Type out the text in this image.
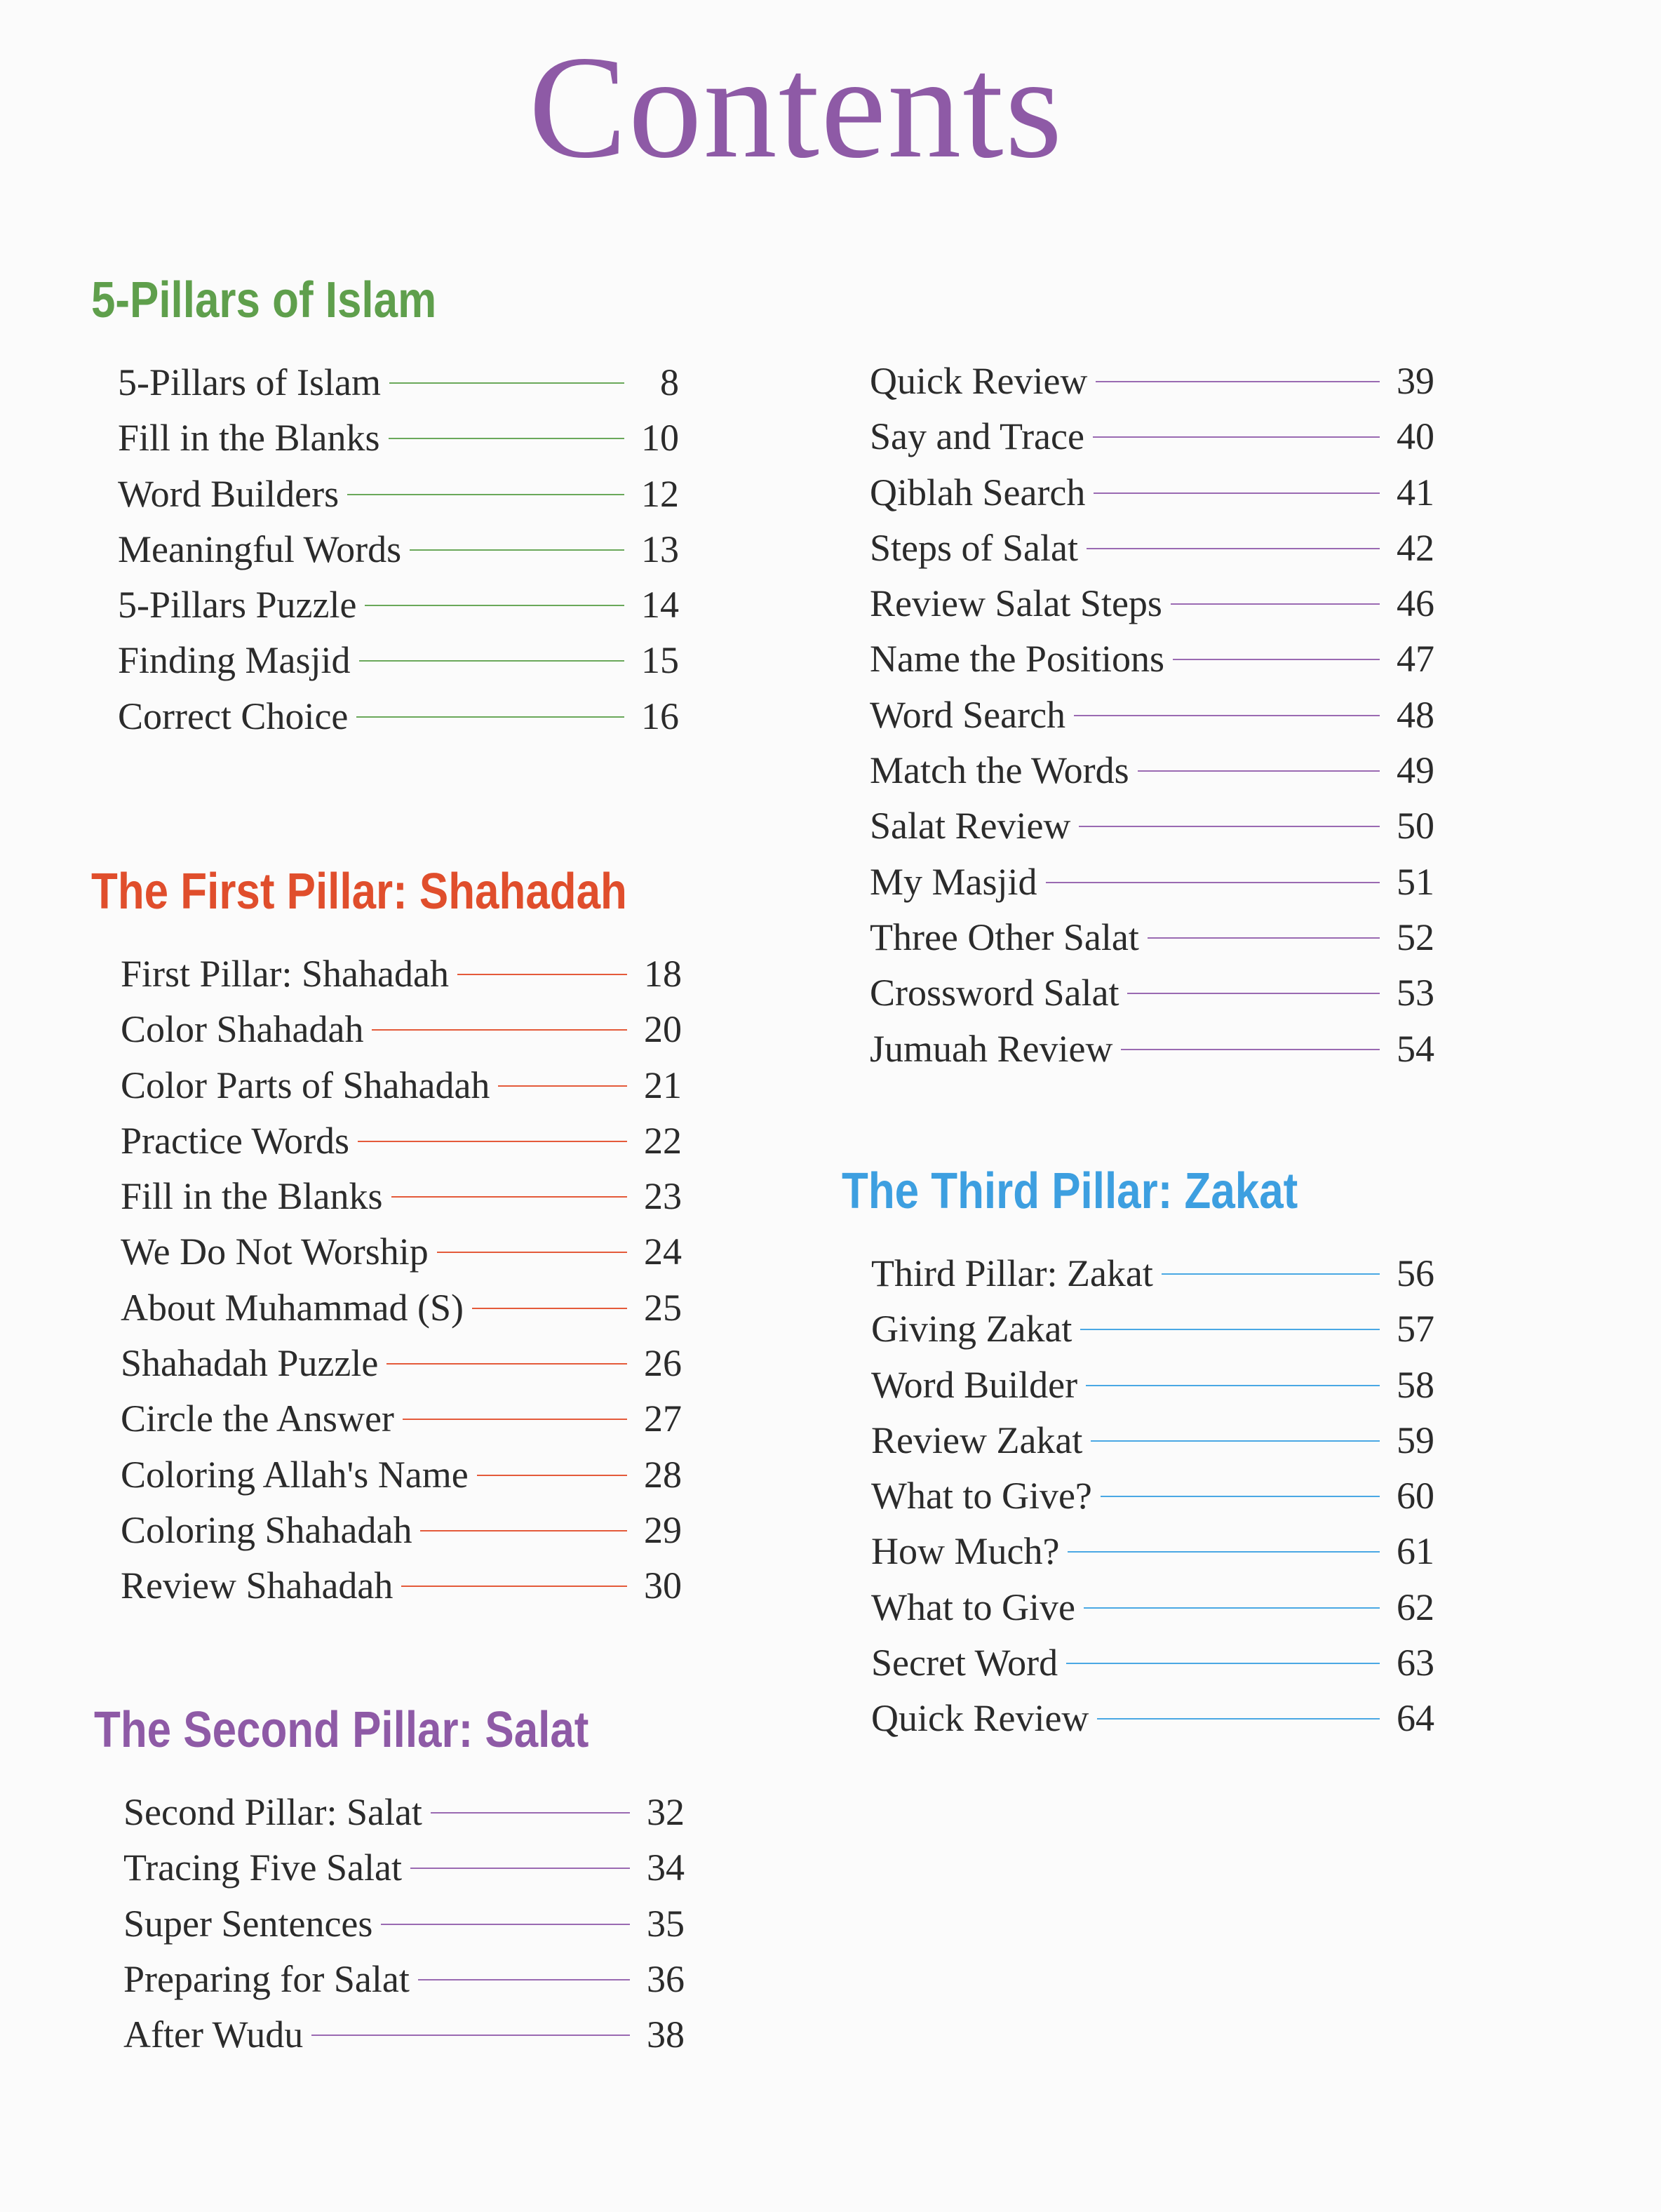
Contents
5-Pillars of Islam
5-Pillars of Islam	8
Fill in the Blanks	10
Word Builders	12
Meaningful Words	13
5-Pillars Puzzle	14
Finding Masjid	15
Correct Choice	16
The First Pillar: Shahadah
First Pillar: Shahadah	18
Color Shahadah	20
Color Parts of Shahadah	21
Practice Words	22
Fill in the Blanks	23
We Do Not Worship	24
About Muhammad (S)	25
Shahadah Puzzle	26
Circle the Answer	27
Coloring Allah's Name	28
Coloring Shahadah	29
Review Shahadah	30
The Second Pillar: Salat
Second Pillar: Salat	32
Tracing Five Salat	34
Super Sentences	35
Preparing for Salat	36
After Wudu	38
Quick Review	39
Say and Trace	40
Qiblah Search	41
Steps of Salat	42
Review Salat Steps	46
Name the Positions	47
Word Search	48
Match the Words	49
Salat Review	50
My Masjid	51
Three Other Salat	52
Crossword Salat	53
Jumuah Review	54
The Third Pillar: Zakat
Third Pillar: Zakat	56
Giving Zakat	57
Word Builder	58
Review Zakat	59
What to Give?	60
How Much?	61
What to Give	62
Secret Word	63
Quick Review	64
